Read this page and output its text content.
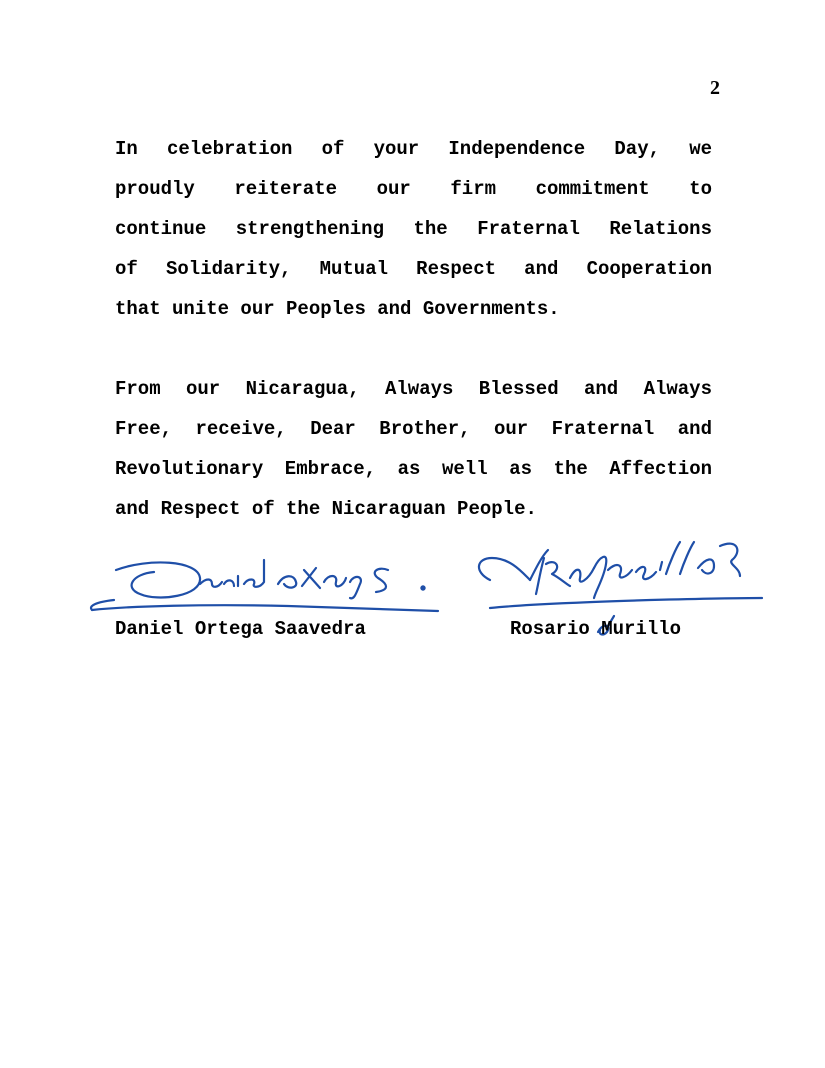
2
In celebration of your Independence Day, we
proudly reiterate our firm commitment to
continue strengthening the Fraternal Relations
of Solidarity, Mutual Respect and Cooperation
that unite our Peoples and Governments.
From our Nicaragua, Always Blessed and Always
Free, receive, Dear Brother, our Fraternal and
Revolutionary Embrace, as well as the Affection
and Respect of the Nicaraguan People.
Daniel Ortega Saavedra	Rosario Murillo
